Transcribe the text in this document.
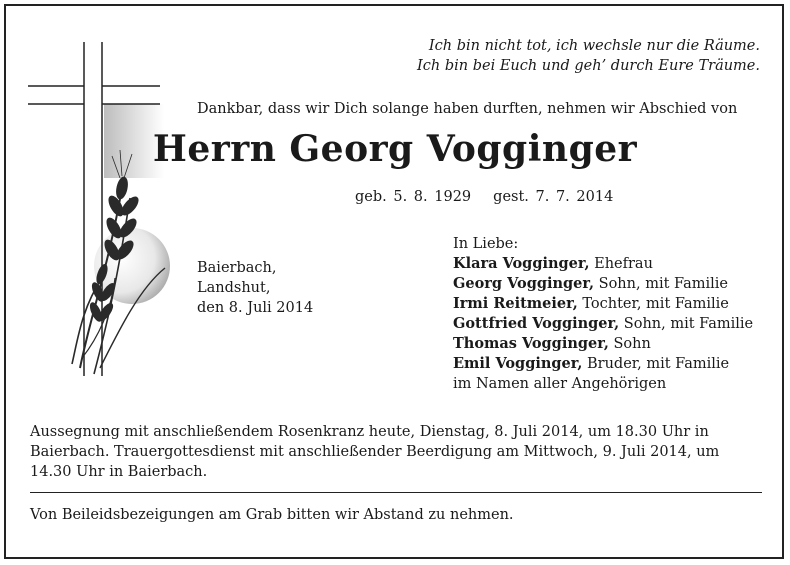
Ich bin nicht tot, ich wechsle nur die Räume.
Ich bin bei Euch und geh’ durch Eure Träume.
Dankbar, dass wir Dich solange haben durften, nehmen wir Abschied von
Herrn Georg Vogginger
geb. 5. 8. 1929 gest. 7. 7. 2014
Baierbach,
Landshut,
den 8. Juli 2014
In Liebe:
Klara Vogginger, Ehefrau
Georg Vogginger, Sohn, mit Familie
Irmi Reitmeier, Tochter, mit Familie
Gottfried Vogginger, Sohn, mit Familie
Thomas Vogginger, Sohn
Emil Vogginger, Bruder, mit Familie
im Namen aller Angehörigen
Aussegnung mit anschließendem Rosenkranz heute, Dienstag, 8. Juli 2014, um 18.30 Uhr in Baierbach. Trauergottesdienst mit anschließender Beerdigung am Mittwoch, 9. Juli 2014, um 14.30 Uhr in Baierbach.
Von Beileidsbezeigungen am Grab bitten wir Abstand zu nehmen.
